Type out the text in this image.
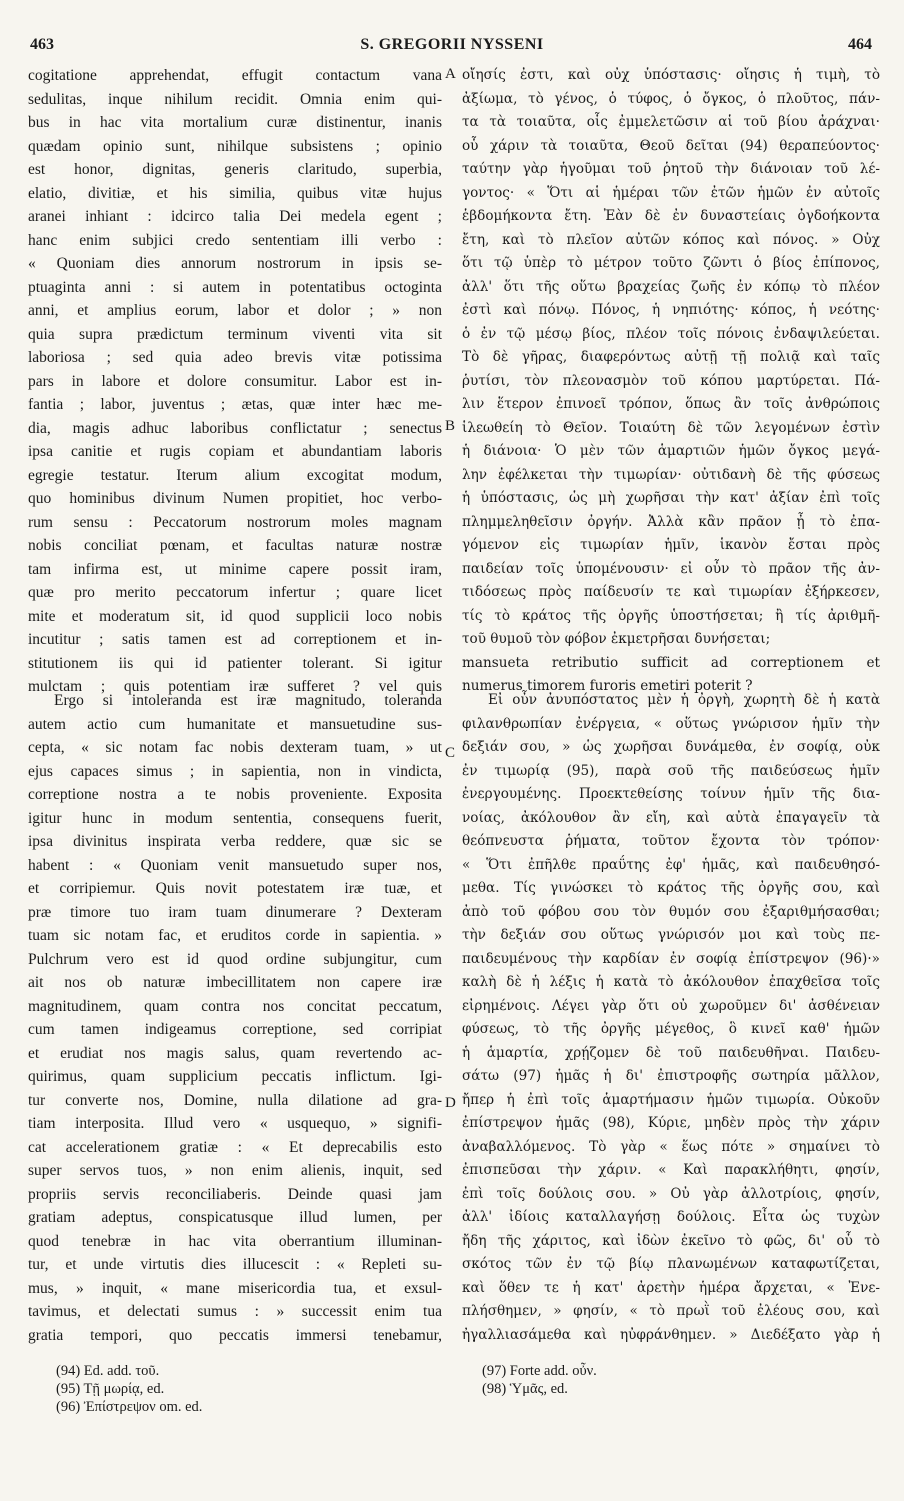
463	S. GREGORII NYSSENI	464
A
B
C
D
cogitatione apprehendat, effugit contactum vana
sedulitas, inque nihilum recidit. Omnia enim qui-
bus in hac vita mortalium curæ distinentur, inanis
quædam opinio sunt, nihilque subsistens ; opinio
est honor, dignitas, generis claritudo, superbia,
elatio, divitiæ, et his similia, quibus vitæ hujus
aranei inhiant : idcirco talia Dei medela egent ;
hanc enim subjici credo sententiam illi verbo :
« Quoniam dies annorum nostrorum in ipsis se-
ptuaginta anni : si autem in potentatibus octoginta
anni, et amplius eorum, labor et dolor ; » non
quia supra prædictum terminum viventi vita sit
laboriosa ; sed quia adeo brevis vitæ potissima
pars in labore et dolore consumitur. Labor est in-
fantia ; labor, juventus ; ætas, quæ inter hæc me-
dia, magis adhuc laboribus conflictatur ; senectus
ipsa canitie et rugis copiam et abundantiam laboris
egregie testatur. Iterum alium excogitat modum,
quo hominibus divinum Numen propitiet, hoc verbo-
rum sensu : Peccatorum nostrorum moles magnam
nobis conciliat pœnam, et facultas naturæ nostræ
tam infirma est, ut minime capere possit iram,
quæ pro merito peccatorum infertur ; quare licet
mite et moderatum sit, id quod supplicii loco nobis
incutitur ; satis tamen est ad correptionem et in-
stitutionem iis qui id patienter tolerant. Si igitur
mulctam ; quis potentiam iræ sufferet ? vel quis
οἴησίς ἐστι, καὶ οὐχ ὑπόστασις· οἴησις ἡ τιμὴ, τὸ
ἀξίωμα, τὸ γένος, ὁ τύφος, ὁ ὄγκος, ὁ πλοῦτος, πάν-
τα τὰ τοιαῦτα, οἷς ἐμμελετῶσιν αἱ τοῦ βίου ἀράχναι·
οὗ χάριν τὰ τοιαῦτα, Θεοῦ δεῖται (94) θεραπεύοντος·
ταύτην γὰρ ἡγοῦμαι τοῦ ῥητοῦ τὴν διάνοιαν τοῦ λέ-
γοντος· « Ὅτι αἱ ἡμέραι τῶν ἐτῶν ἡμῶν ἐν αὐτοῖς
ἑβδομήκοντα ἔτη. Ἐὰν δὲ ἐν δυναστείαις ὀγδοήκοντα
ἔτη, καὶ τὸ πλεῖον αὐτῶν κόπος καὶ πόνος. » Οὐχ
ὅτι τῷ ὑπὲρ τὸ μέτρον τοῦτο ζῶντι ὁ βίος ἐπίπονος,
ἀλλ' ὅτι τῆς οὕτω βραχείας ζωῆς ἐν κόπῳ τὸ πλέον
ἐστὶ καὶ πόνῳ. Πόνος, ἡ νηπιότης· κόπος, ἡ νεότης·
ὁ ἐν τῷ μέσῳ βίος, πλέον τοῖς πόνοις ἐνδαψιλεύεται.
Τὸ δὲ γῆρας, διαφερόντως αὐτῇ τῇ πολιᾷ καὶ ταῖς
ῥυτίσι, τὸν πλεονασμὸν τοῦ κόπου μαρτύρεται. Πά-
λιν ἕτερον ἐπινοεῖ τρόπον, ὅπως ἂν τοῖς ἀνθρώποις
ἱλεωθείη τὸ Θεῖον. Τοιαύτη δὲ τῶν λεγομένων ἐστὶν
ἡ διάνοια· Ὁ μὲν τῶν ἁμαρτιῶν ἡμῶν ὄγκος μεγά-
λην ἐφέλκεται τὴν τιμωρίαν· οὐτιδανὴ δὲ τῆς φύσεως
ἡ ὑπόστασις, ὡς μὴ χωρῆσαι τὴν κατ' ἀξίαν ἐπὶ τοῖς
πλημμεληθεῖσιν ὀργήν. Ἀλλὰ κἂν πρᾶον ᾖ τὸ ἐπα-
γόμενον εἰς τιμωρίαν ἡμῖν, ἱκανὸν ἔσται πρὸς
παιδείαν τοῖς ὑπομένουσιν· εἰ οὖν τὸ πρᾶον τῆς ἀν-
τιδόσεως πρὸς παίδευσίν τε καὶ τιμωρίαν ἐξήρκεσεν,
τίς τὸ κράτος τῆς ὀργῆς ὑποστήσεται; ἢ τίς ἀριθμῆ-
τοῦ θυμοῦ τὸν φόβον ἐκμετρῆσαι δυνήσεται;
mansueta retributio sufficit ad correptionem et
numerus timorem furoris emetiri poterit ?
Ergo si intoleranda est iræ magnitudo, toleranda
autem actio cum humanitate et mansuetudine sus-
cepta, « sic notam fac nobis dexteram tuam, » ut
ejus capaces simus ; in sapientia, non in vindicta,
correptione nostra a te nobis proveniente. Exposita
igitur hunc in modum sententia, consequens fuerit,
ipsa divinitus inspirata verba reddere, quæ sic se
habent : « Quoniam venit mansuetudo super nos,
et corripiemur. Quis novit potestatem iræ tuæ, et
præ timore tuo iram tuam dinumerare ? Dexteram
tuam sic notam fac, et eruditos corde in sapientia. »
Pulchrum vero est id quod ordine subjungitur, cum
ait nos ob naturæ imbecillitatem non capere iræ
magnitudinem, quam contra nos concitat peccatum,
cum tamen indigeamus correptione, sed corripiat
et erudiat nos magis salus, quam revertendo ac-
quirimus, quam supplicium peccatis inflictum. Igi-
tur converte nos, Domine, nulla dilatione ad gra-
tiam interposita. Illud vero « usquequo, » signifi-
cat accelerationem gratiæ : « Et deprecabilis esto
super servos tuos, » non enim alienis, inquit, sed
propriis servis reconciliaberis. Deinde quasi jam
gratiam adeptus, conspicatusque illud lumen, per
quod tenebræ in hac vita oberrantium illuminan-
tur, et unde virtutis dies illucescit : « Repleti su-
mus, » inquit, « mane misericordia tua, et exsul-
tavimus, et delectati sumus : » successit enim tua
gratia tempori, quo peccatis immersi tenebamur,
Εἰ οὖν ἀνυπόστατος μὲν ἡ ὀργὴ, χωρητὴ δὲ ἡ κατὰ
φιλανθρωπίαν ἐνέργεια, « οὕτως γνώρισον ἡμῖν τὴν
δεξιάν σου, » ὡς χωρῆσαι δυνάμεθα, ἐν σοφίᾳ, οὐκ
ἐν τιμωρίᾳ (95), παρὰ σοῦ τῆς παιδεύσεως ἡμῖν
ἐνεργουμένης. Προεκτεθείσης τοίνυν ἡμῖν τῆς δια-
νοίας, ἀκόλουθον ἂν εἴη, καὶ αὐτὰ ἐπαγαγεῖν τὰ
θεόπνευστα ῥήματα, τοῦτον ἔχοντα τὸν τρόπον·
« Ὅτι ἐπῆλθε πραΰτης ἐφ' ἡμᾶς, καὶ παιδευθησό-
μεθα. Τίς γινώσκει τὸ κράτος τῆς ὀργῆς σου, καὶ
ἀπὸ τοῦ φόβου σου τὸν θυμόν σου ἐξαριθμήσασθαι;
τὴν δεξιάν σου οὕτως γνώρισόν μοι καὶ τοὺς πε-
παιδευμένους τὴν καρδίαν ἐν σοφίᾳ ἐπίστρεψον (96)·»
καλὴ δὲ ἡ λέξις ἡ κατὰ τὸ ἀκόλουθον ἐπαχθεῖσα τοῖς
εἰρημένοις. Λέγει γὰρ ὅτι οὐ χωροῦμεν δι' ἀσθένειαν
φύσεως, τὸ τῆς ὀργῆς μέγεθος, ὃ κινεῖ καθ' ἡμῶν
ἡ ἁμαρτία, χρῄζομεν δὲ τοῦ παιδευθῆναι. Παιδευ-
σάτω (97) ἡμᾶς ἡ δι' ἐπιστροφῆς σωτηρία μᾶλλον,
ἤπερ ἡ ἐπὶ τοῖς ἁμαρτήμασιν ἡμῶν τιμωρία. Οὐκοῦν
ἐπίστρεψον ἡμᾶς (98), Κύριε, μηδὲν πρὸς τὴν χάριν
ἀναβαλλόμενος. Τὸ γὰρ « ἕως πότε » σημαίνει τὸ
ἐπισπεῦσαι τὴν χάριν. « Καὶ παρακλήθητι, φησίν,
ἐπὶ τοῖς δούλοις σου. » Οὐ γὰρ ἀλλοτρίοις, φησίν,
ἀλλ' ἰδίοις καταλλαγήσῃ δούλοις. Εἶτα ὡς τυχὼν
ἤδη τῆς χάριτος, καὶ ἰδὼν ἐκεῖνο τὸ φῶς, δι' οὗ τὸ
σκότος τῶν ἐν τῷ βίῳ πλανωμένων καταφωτίζεται,
καὶ ὅθεν τε ἡ κατ' ἀρετὴν ἡμέρα ἄρχεται, « Ἐνε-
πλήσθημεν, » φησίν, « τὸ πρωῒ τοῦ ἐλέους σου, καὶ
ἠγαλλιασάμεθα καὶ ηὐφράνθημεν. » Διεδέξατο γὰρ ἡ
(94) Ed. add. τοῦ.
(95) Τῇ μωρίᾳ, ed.
(96) Ἐπίστρεψον om. ed.
(97) Forte add. οὖν.
(98) Ὑμᾶς, ed.
